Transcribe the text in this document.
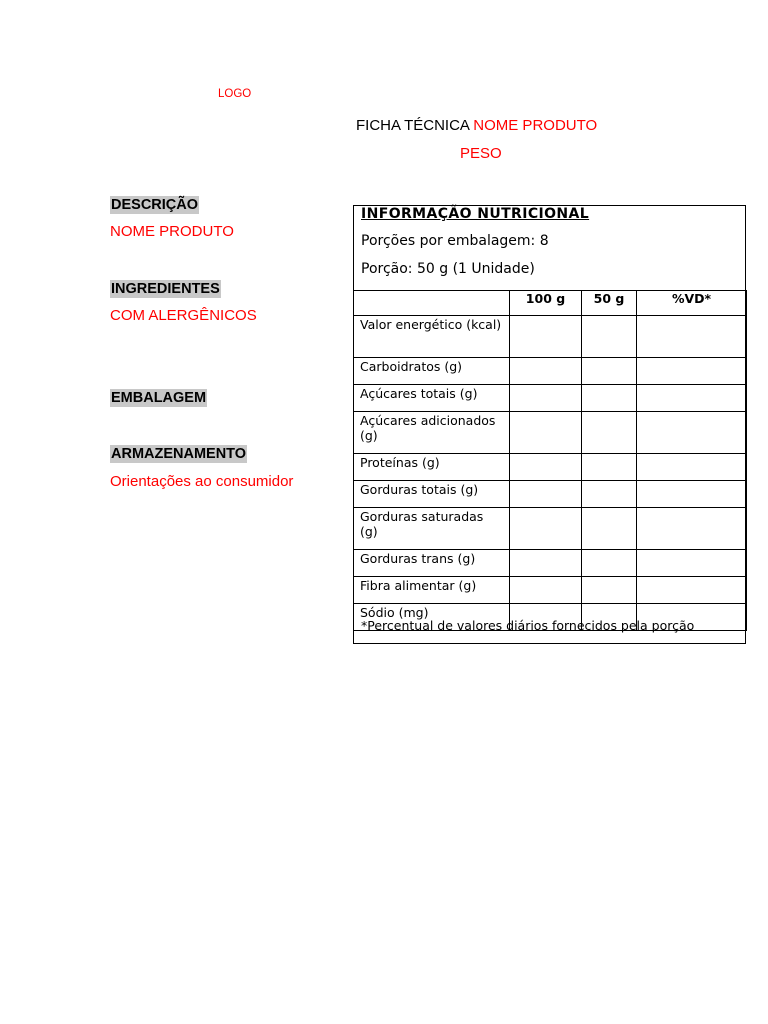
LOGO
FICHA TÉCNICA NOME PRODUTO
PESO
DESCRIÇÃO
NOME PRODUTO
INGREDIENTES
COM ALERGÊNICOS
EMBALAGEM
ARMAZENAMENTO
Orientações ao consumidor
INFORMAÇÃO NUTRICIONAL
Porções por embalagem: 8
Porção: 50 g (1 Unidade)
	100 g	50 g	%VD*
Valor energético (kcal)			
Carboidratos (g)			
Açúcares totais (g)			
Açúcares adicionados (g)			
Proteínas (g)			
Gorduras totais (g)			
Gorduras saturadas (g)			
Gorduras trans (g)			
Fibra alimentar (g)			
Sódio (mg)			
*Percentual de valores diários fornecidos pela porção
